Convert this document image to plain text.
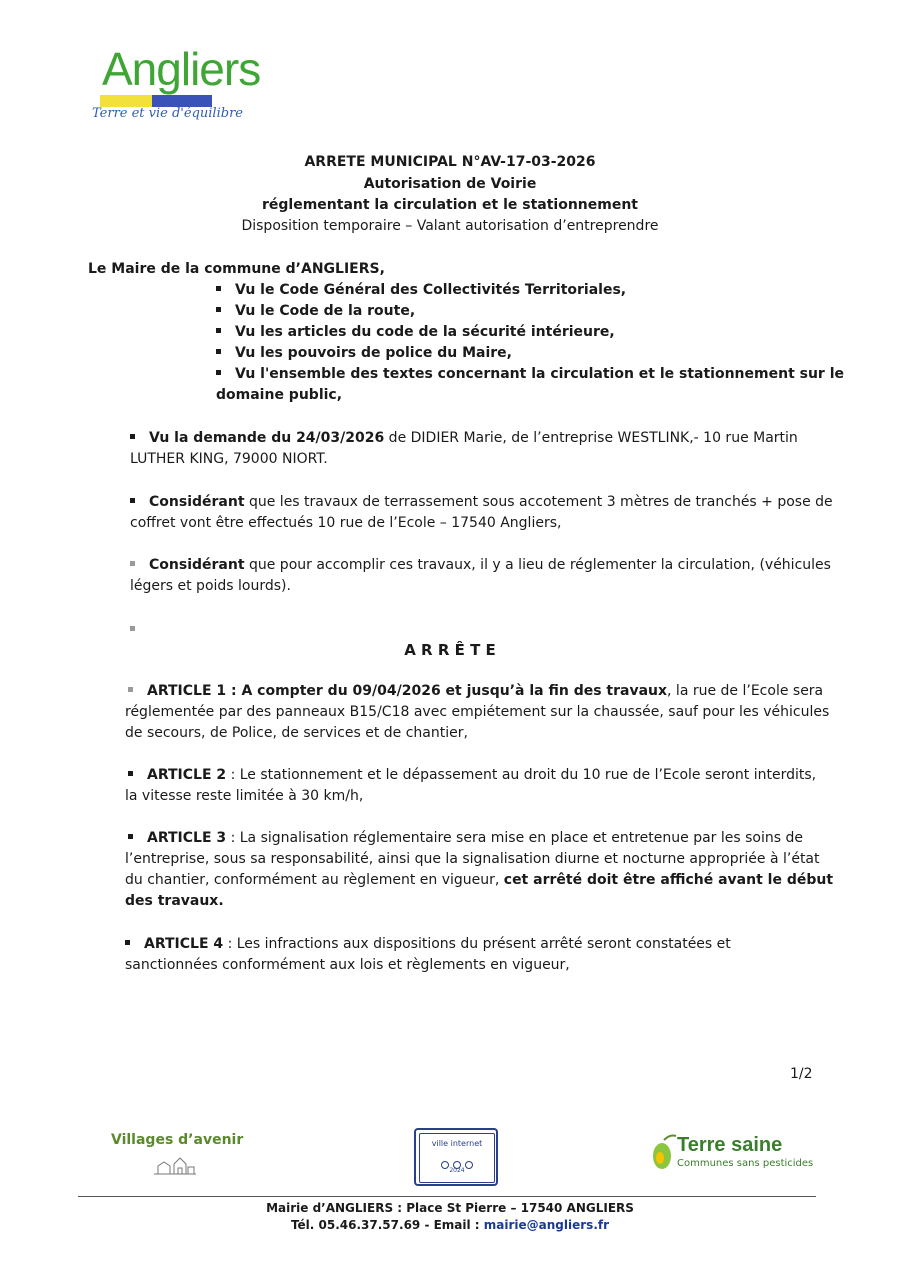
Angliers
Terre et vie d'équilibre
ARRETE MUNICIPAL N°AV-17-03-2026
Autorisation de Voirie
réglementant la circulation et le stationnement
Disposition temporaire – Valant autorisation d’entreprendre
Le Maire de la commune d’ANGLIERS,
Vu le Code Général des Collectivités Territoriales,
Vu le Code de la route,
Vu les articles du code de la sécurité intérieure,
Vu les pouvoirs de police du Maire,
Vu l'ensemble des textes concernant la circulation et le stationnement sur le
domaine public,
Vu la demande du 24/03/2026 de DIDIER Marie, de l’entreprise WESTLINK,- 10 rue Martin
LUTHER KING, 79000 NIORT.
Considérant que les travaux de terrassement sous accotement 3 mètres de tranchés + pose de
coffret vont être effectués 10 rue de l’Ecole – 17540 Angliers,
Considérant que pour accomplir ces travaux, il y a lieu de réglementer la circulation, (véhicules
légers et poids lourds).
A R R Ê T E
ARTICLE 1 : A compter du 09/04/2026 et jusqu’à la fin des travaux, la rue de l’Ecole sera
réglementée par des panneaux B15/C18 avec empiétement sur la chaussée, sauf pour les véhicules
de secours, de Police, de services et de chantier,
ARTICLE 2 : Le stationnement et le dépassement au droit du 10 rue de l’Ecole seront interdits,
la vitesse reste limitée à 30 km/h,
ARTICLE 3 : La signalisation réglementaire sera mise en place et entretenue par les soins de
l’entreprise, sous sa responsabilité, ainsi que la signalisation diurne et nocturne appropriée à l’état
du chantier, conformément au règlement en vigueur, cet arrêté doit être affiché avant le début
des travaux.
ARTICLE 4 : Les infractions aux dispositions du présent arrêté seront constatées et
sanctionnées conformément aux lois et règlements en vigueur,
1/2
Villages d’avenir	ville internet
2024
Terre saine
Communes sans pesticides
Mairie d’ANGLIERS : Place St Pierre – 17540 ANGLIERS
Tél. 05.46.37.57.69 - Email : mairie@angliers.fr
